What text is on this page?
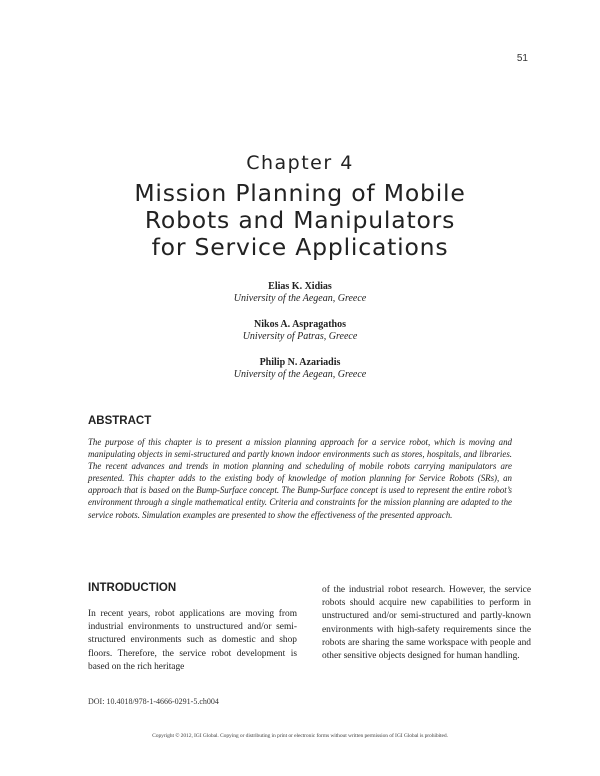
51
Chapter 4
Mission Planning of Mobile
Robots and Manipulators
for Service Applications
Elias K. Xidias
University of the Aegean, Greece
Nikos A. Aspragathos
University of Patras, Greece
Philip N. Azariadis
University of the Aegean, Greece
ABSTRACT
The purpose of this chapter is to present a mission planning approach for a service robot, which is moving and manipulating objects in semi-structured and partly known indoor environments such as stores, hospitals, and libraries. The recent advances and trends in motion planning and scheduling of mobile robots carrying manipulators are presented. This chapter adds to the existing body of knowledge of motion planning for Service Robots (SRs), an approach that is based on the Bump-Surface concept. The Bump-Surface concept is used to represent the entire robot’s environment through a single mathematical entity. Criteria and constraints for the mission planning are adapted to the service robots. Simulation examples are presented to show the effectiveness of the presented approach.
INTRODUCTION
In recent years, robot applications are moving from industrial environments to unstructured and/or semi-structured environments such as domestic and shop floors. Therefore, the service robot development is based on the rich heritage
of the industrial robot research. However, the service robots should acquire new capabilities to perform in unstructured and/or semi-structured and partly-known environments with high-safety requirements since the robots are sharing the same workspace with people and other sensitive objects designed for human handling.
DOI: 10.4018/978-1-4666-0291-5.ch004
Copyright © 2012, IGI Global. Copying or distributing in print or electronic forms without written permission of IGI Global is prohibited.
